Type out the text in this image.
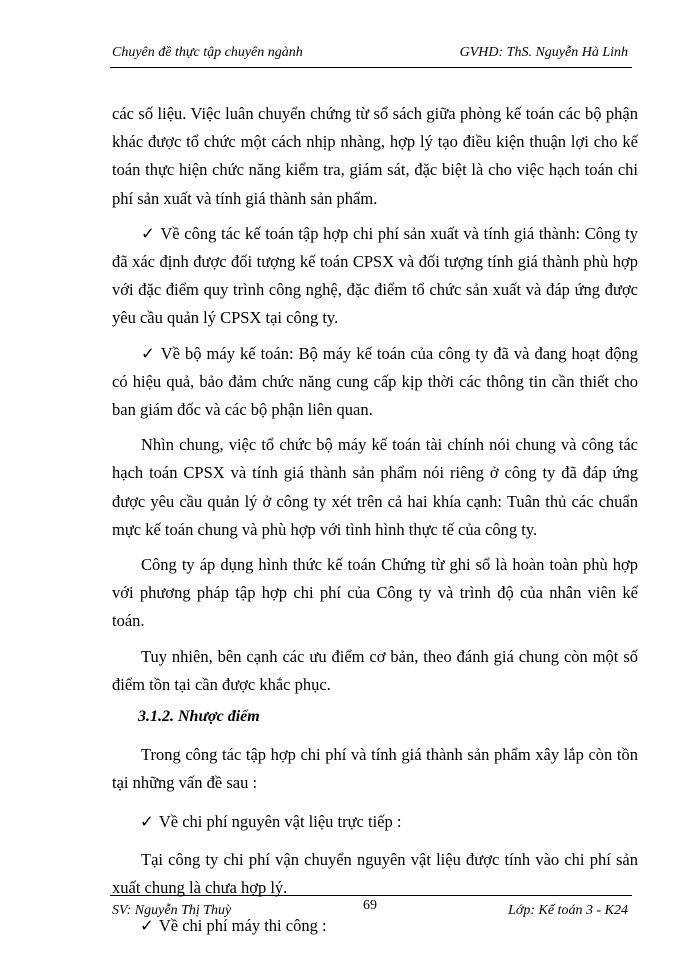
Chuyên đề thực tập chuyên ngành	GVHD: ThS. Nguyễn Hà Linh

các số liệu. Việc luân chuyển chứng từ sổ sách giữa phòng kế toán các bộ phận khác được tổ chức một cách nhịp nhàng, hợp lý tạo điều kiện thuận lợi cho kế toán thực hiện chức năng kiểm tra, giám sát, đặc biệt là cho việc hạch toán chi phí sản xuất và tính giá thành sản phẩm.

✓ Về công tác kế toán tập hợp chi phí sản xuất và tính giá thành: Công ty đã xác định được đối tượng kế toán CPSX và đối tượng tính giá thành phù hợp với đặc điểm quy trình công nghệ, đặc điểm tổ chức sản xuất và đáp ứng được yêu cầu quản lý CPSX tại công ty.

✓ Về bộ máy kế toán: Bộ máy kế toán của công ty đã và đang hoạt động có hiệu quả, bảo đảm chức năng cung cấp kịp thời các thông tin cần thiết cho ban giám đốc và các bộ phận liên quan.

Nhìn chung, việc tổ chức bộ máy kế toán tài chính nói chung và công tác hạch toán CPSX và tính giá thành sản phẩm nói riêng ở công ty đã đáp ứng được yêu cầu quản lý ở công ty xét trên cả hai khía cạnh: Tuân thủ các chuẩn mực kế toán chung và phù hợp với tình hình thực tế của công ty.

Công ty áp dụng hình thức kế toán Chứng từ ghi sổ là hoàn toàn phù hợp với phương pháp tập hợp chi phí của Công ty và trình độ của nhân viên kế toán.

Tuy nhiên, bên cạnh các ưu điểm cơ bản, theo đánh giá chung còn một số điểm tồn tại cần được khắc phục.

3.1.2. Nhược điểm

Trong công tác tập hợp chi phí và tính giá thành sản phẩm xây lắp còn tồn tại những vấn đề sau :

✓ Về chi phí nguyên vật liệu trực tiếp :

Tại công ty chi phí vận chuyển nguyên vật liệu được tính vào chi phí sản xuất chung là chưa hợp lý.

✓ Về chi phí máy thi công :

SV: Nguyễn Thị Thuỳ	69	Lớp: Kế toán 3 - K24
